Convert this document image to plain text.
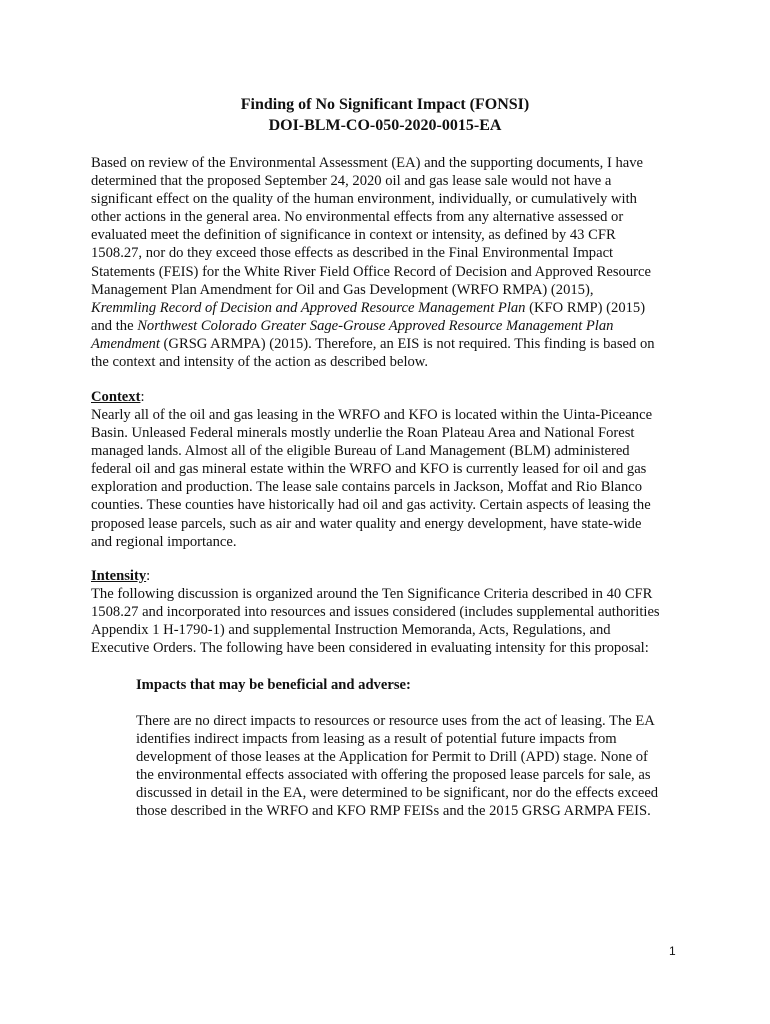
Finding of No Significant Impact (FONSI)
DOI-BLM-CO-050-2020-0015-EA
Based on review of the Environmental Assessment (EA) and the supporting documents, I have
determined that the proposed September 24, 2020 oil and gas lease sale would not have a
significant effect on the quality of the human environment, individually, or cumulatively with
other actions in the general area. No environmental effects from any alternative assessed or
evaluated meet the definition of significance in context or intensity, as defined by 43 CFR
1508.27, nor do they exceed those effects as described in the Final Environmental Impact
Statements (FEIS) for the White River Field Office Record of Decision and Approved Resource
Management Plan Amendment for Oil and Gas Development (WRFO RMPA) (2015),
Kremmling Record of Decision and Approved Resource Management Plan (KFO RMP) (2015)
and the Northwest Colorado Greater Sage-Grouse Approved Resource Management Plan
Amendment (GRSG ARMPA) (2015). Therefore, an EIS is not required. This finding is based on
the context and intensity of the action as described below.
Context:
Nearly all of the oil and gas leasing in the WRFO and KFO is located within the Uinta-Piceance
Basin. Unleased Federal minerals mostly underlie the Roan Plateau Area and National Forest
managed lands. Almost all of the eligible Bureau of Land Management (BLM) administered
federal oil and gas mineral estate within the WRFO and KFO is currently leased for oil and gas
exploration and production. The lease sale contains parcels in Jackson, Moffat and Rio Blanco
counties. These counties have historically had oil and gas activity. Certain aspects of leasing the
proposed lease parcels, such as air and water quality and energy development, have state-wide
and regional importance.
Intensity:
The following discussion is organized around the Ten Significance Criteria described in 40 CFR
1508.27 and incorporated into resources and issues considered (includes supplemental authorities
Appendix 1 H-1790-1) and supplemental Instruction Memoranda, Acts, Regulations, and
Executive Orders. The following have been considered in evaluating intensity for this proposal:
Impacts that may be beneficial and adverse:
There are no direct impacts to resources or resource uses from the act of leasing. The EA
identifies indirect impacts from leasing as a result of potential future impacts from
development of those leases at the Application for Permit to Drill (APD) stage. None of
the environmental effects associated with offering the proposed lease parcels for sale, as
discussed in detail in the EA, were determined to be significant, nor do the effects exceed
those described in the WRFO and KFO RMP FEISs and the 2015 GRSG ARMPA FEIS.
1
